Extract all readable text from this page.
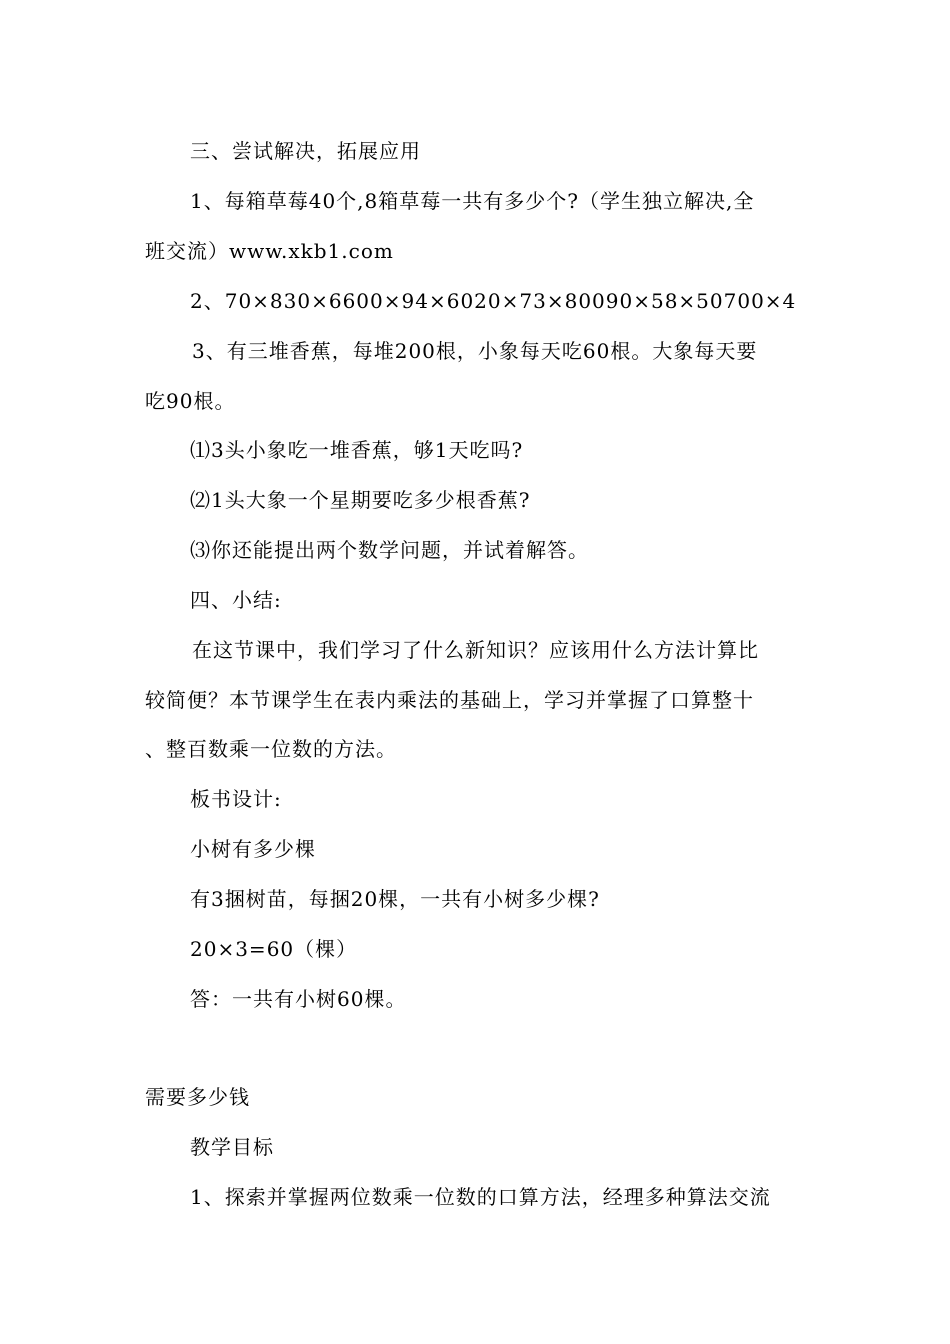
三、尝试解决，拓展应用
1、每箱草莓40个,8箱草莓一共有多少个?（学生独立解决,全
班交流）www.xkb1.com
2、70×830×6600×94×6020×73×80090×58×50700×4
3、有三堆香蕉，每堆200根，小象每天吃60根。大象每天要
吃90根。
⑴3头小象吃一堆香蕉，够1天吃吗?
⑵1头大象一个星期要吃多少根香蕉?
⑶你还能提出两个数学问题，并试着解答。
四、小结:
在这节课中，我们学习了什么新知识？应该用什么方法计算比
较简便？本节课学生在表内乘法的基础上，学习并掌握了口算整十
、整百数乘一位数的方法。
板书设计:
小树有多少棵
有3捆树苗，每捆20棵，一共有小树多少棵?
20×3=60（棵）
答：一共有小树60棵。
需要多少钱
教学目标
1、探索并掌握两位数乘一位数的口算方法，经理多种算法交流
